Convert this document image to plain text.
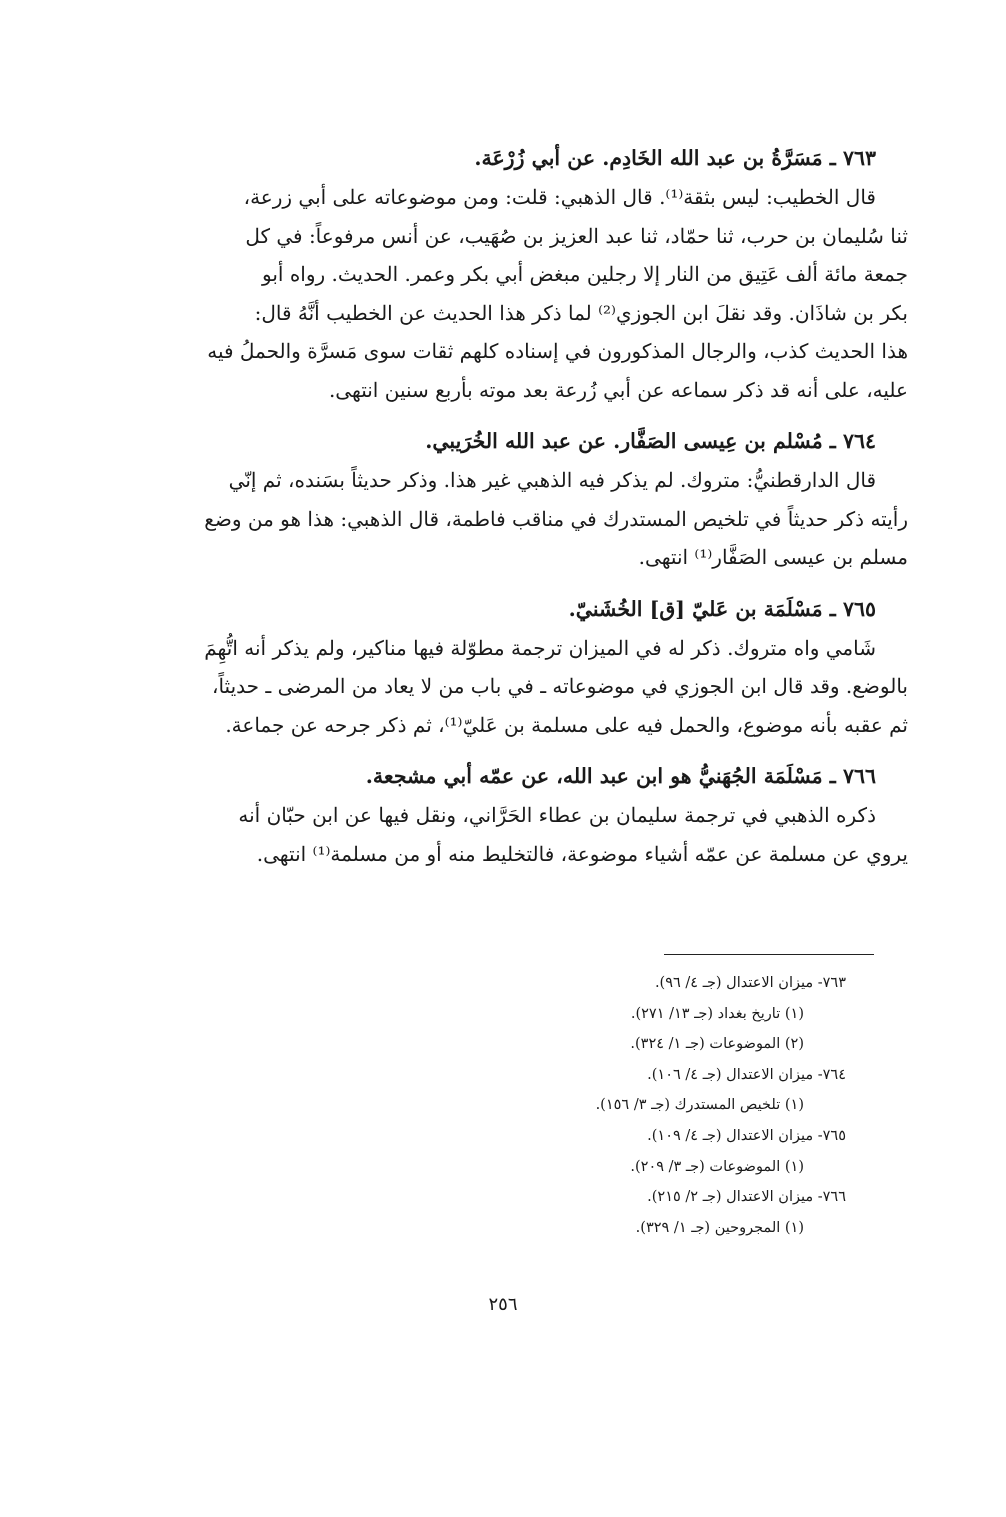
٧٦٣ ـ مَسَرَّةُ بن عبد الله الخَادِم. عن أبي زُرْعَة.
قال الخطيب: ليس بثقة⁽¹⁾. قال الذهبي: قلت: ومن موضوعاته على أبي زرعة،
ثنا سُليمان بن حرب، ثنا حمّاد، ثنا عبد العزيز بن صُهَيب، عن أنس مرفوعاً: في كل
جمعة مائة ألف عَتِيق من النار إلا رجلين مبغض أبي بكر وعمر. الحديث. رواه أبو
بكر بن شاذَان. وقد نقلَ ابن الجوزي⁽²⁾ لما ذكر هذا الحديث عن الخطيب أنَّهُ قال:
هذا الحديث كذب، والرجال المذكورون في إسناده كلهم ثقات سوى مَسرَّة والحملُ فيه
عليه، على أنه قد ذكر سماعه عن أبي زُرعة بعد موته بأربع سنين انتهى.
٧٦٤ ـ مُسْلم بن عِيسى الصَفَّار. عن عبد الله الخُرَيبي.
قال الدارقطنيُّ: متروك. لم يذكر فيه الذهبي غير هذا. وذكر حديثاً بسَنده، ثم إنّي
رأيته ذكر حديثاً في تلخيص المستدرك في مناقب فاطمة، قال الذهبي: هذا هو من وضع
مسلم بن عيسى الصَفَّار⁽¹⁾ انتهى.
٧٦٥ ـ مَسْلَمَة بن عَليّ [ق] الخُشَنيّ.
شَامي واه متروك. ذكر له في الميزان ترجمة مطوّلة فيها مناكير، ولم يذكر أنه اتُّهِمَ
بالوضع. وقد قال ابن الجوزي في موضوعاته ـ في باب من لا يعاد من المرضى ـ حديثاً،
ثم عقبه بأنه موضوع، والحمل فيه على مسلمة بن عَليّ⁽¹⁾، ثم ذكر جرحه عن جماعة.
٧٦٦ ـ مَسْلَمَة الجُهَنيُّ هو ابن عبد الله، عن عمّه أبي مشجعة.
ذكره الذهبي في ترجمة سليمان بن عطاء الحَرَّاني، ونقل فيها عن ابن حبّان أنه
يروي عن مسلمة عن عمّه أشياء موضوعة، فالتخليط منه أو من مسلمة⁽¹⁾ انتهى.
٧٦٣- ميزان الاعتدال (جـ ٤/ ٩٦).
(١) تاريخ بغداد (جـ ١٣/ ٢٧١).
(٢) الموضوعات (جـ ١/ ٣٢٤).
٧٦٤- ميزان الاعتدال (جـ ٤/ ١٠٦).
(١) تلخيص المستدرك (جـ ٣/ ١٥٦).
٧٦٥- ميزان الاعتدال (جـ ٤/ ١٠٩).
(١) الموضوعات (جـ ٣/ ٢٠٩).
٧٦٦- ميزان الاعتدال (جـ ٢/ ٢١٥).
(١) المجروحين (جـ ١/ ٣٢٩).
٢٥٦
